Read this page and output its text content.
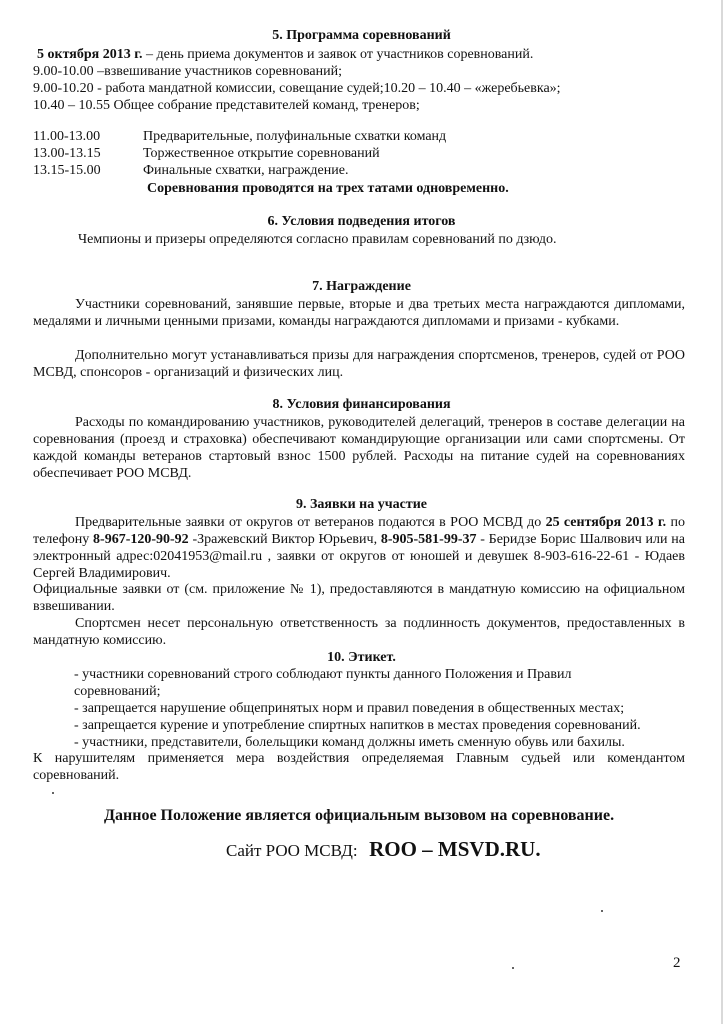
5. Программа соревнований
5 октября 2013 г. – день приема документов и заявок от участников соревнований.
9.00-10.00 –взвешивание участников соревнований;
9.00-10.20 - работа мандатной комиссии, совещание судей;10.20 – 10.40 – «жеребьевка»;
10.40 – 10.55 Общее собрание представителей команд, тренеров;
11.00-13.00	Предварительные, полуфинальные схватки команд
13.00-13.15	Торжественное открытие соревнований
13.15-15.00	Финальные схватки, награждение.
Соревнования проводятся на трех татами одновременно.
6. Условия подведения итогов
Чемпионы и призеры определяются согласно правилам соревнований по дзюдо.
7. Награждение
Участники соревнований, занявшие первые, вторые и два третьих места награждаются дипломами, медалями и личными ценными призами, команды награждаются дипломами и призами - кубками.
Дополнительно могут устанавливаться призы для награждения спортсменов, тренеров, судей от РОО МСВД, спонсоров - организаций и физических лиц.
8. Условия финансирования
Расходы по командированию участников, руководителей делегаций, тренеров в составе делегации на соревнования (проезд и страховка) обеспечивают командирующие организации или сами спортсмены. От каждой команды ветеранов стартовый взнос 1500 рублей. Расходы на питание судей на соревнованиях обеспечивает РОО МСВД.
9. Заявки на участие
Предварительные заявки от округов от ветеранов подаются в РОО МСВД до 25 сентября 2013 г. по телефону 8-967-120-90-92 -Зражевский Виктор Юрьевич, 8-905-581-99-37 - Беридзе Борис Шалвович или на электронный адрес:02041953@mail.ru , заявки от округов от юношей и девушек 8-903-616-22-61 - Юдаев Сергей Владимирович.
Официальные заявки от (см. приложение № 1), предоставляются в мандатную комиссию на официальном взвешивании.
Спортсмен несет персональную ответственность за подлинность документов, предоставленных в мандатную комиссию.
10. Этикет.
- участники соревнований строго соблюдают пункты данного Положения и Правил
соревнований;
- запрещается нарушение общепринятых норм и правил поведения в общественных местах;
- запрещается курение и употребление спиртных напитков в местах проведения соревнований.
- участники, представители, болельщики команд должны иметь сменную обувь или бахилы.
К нарушителям применяется мера воздействия определяемая Главным судьей или комендантом соревнований.
Данное Положение является официальным вызовом на соревнование.
Сайт РОО МСВД: ROO – MSVD.RU.
2
